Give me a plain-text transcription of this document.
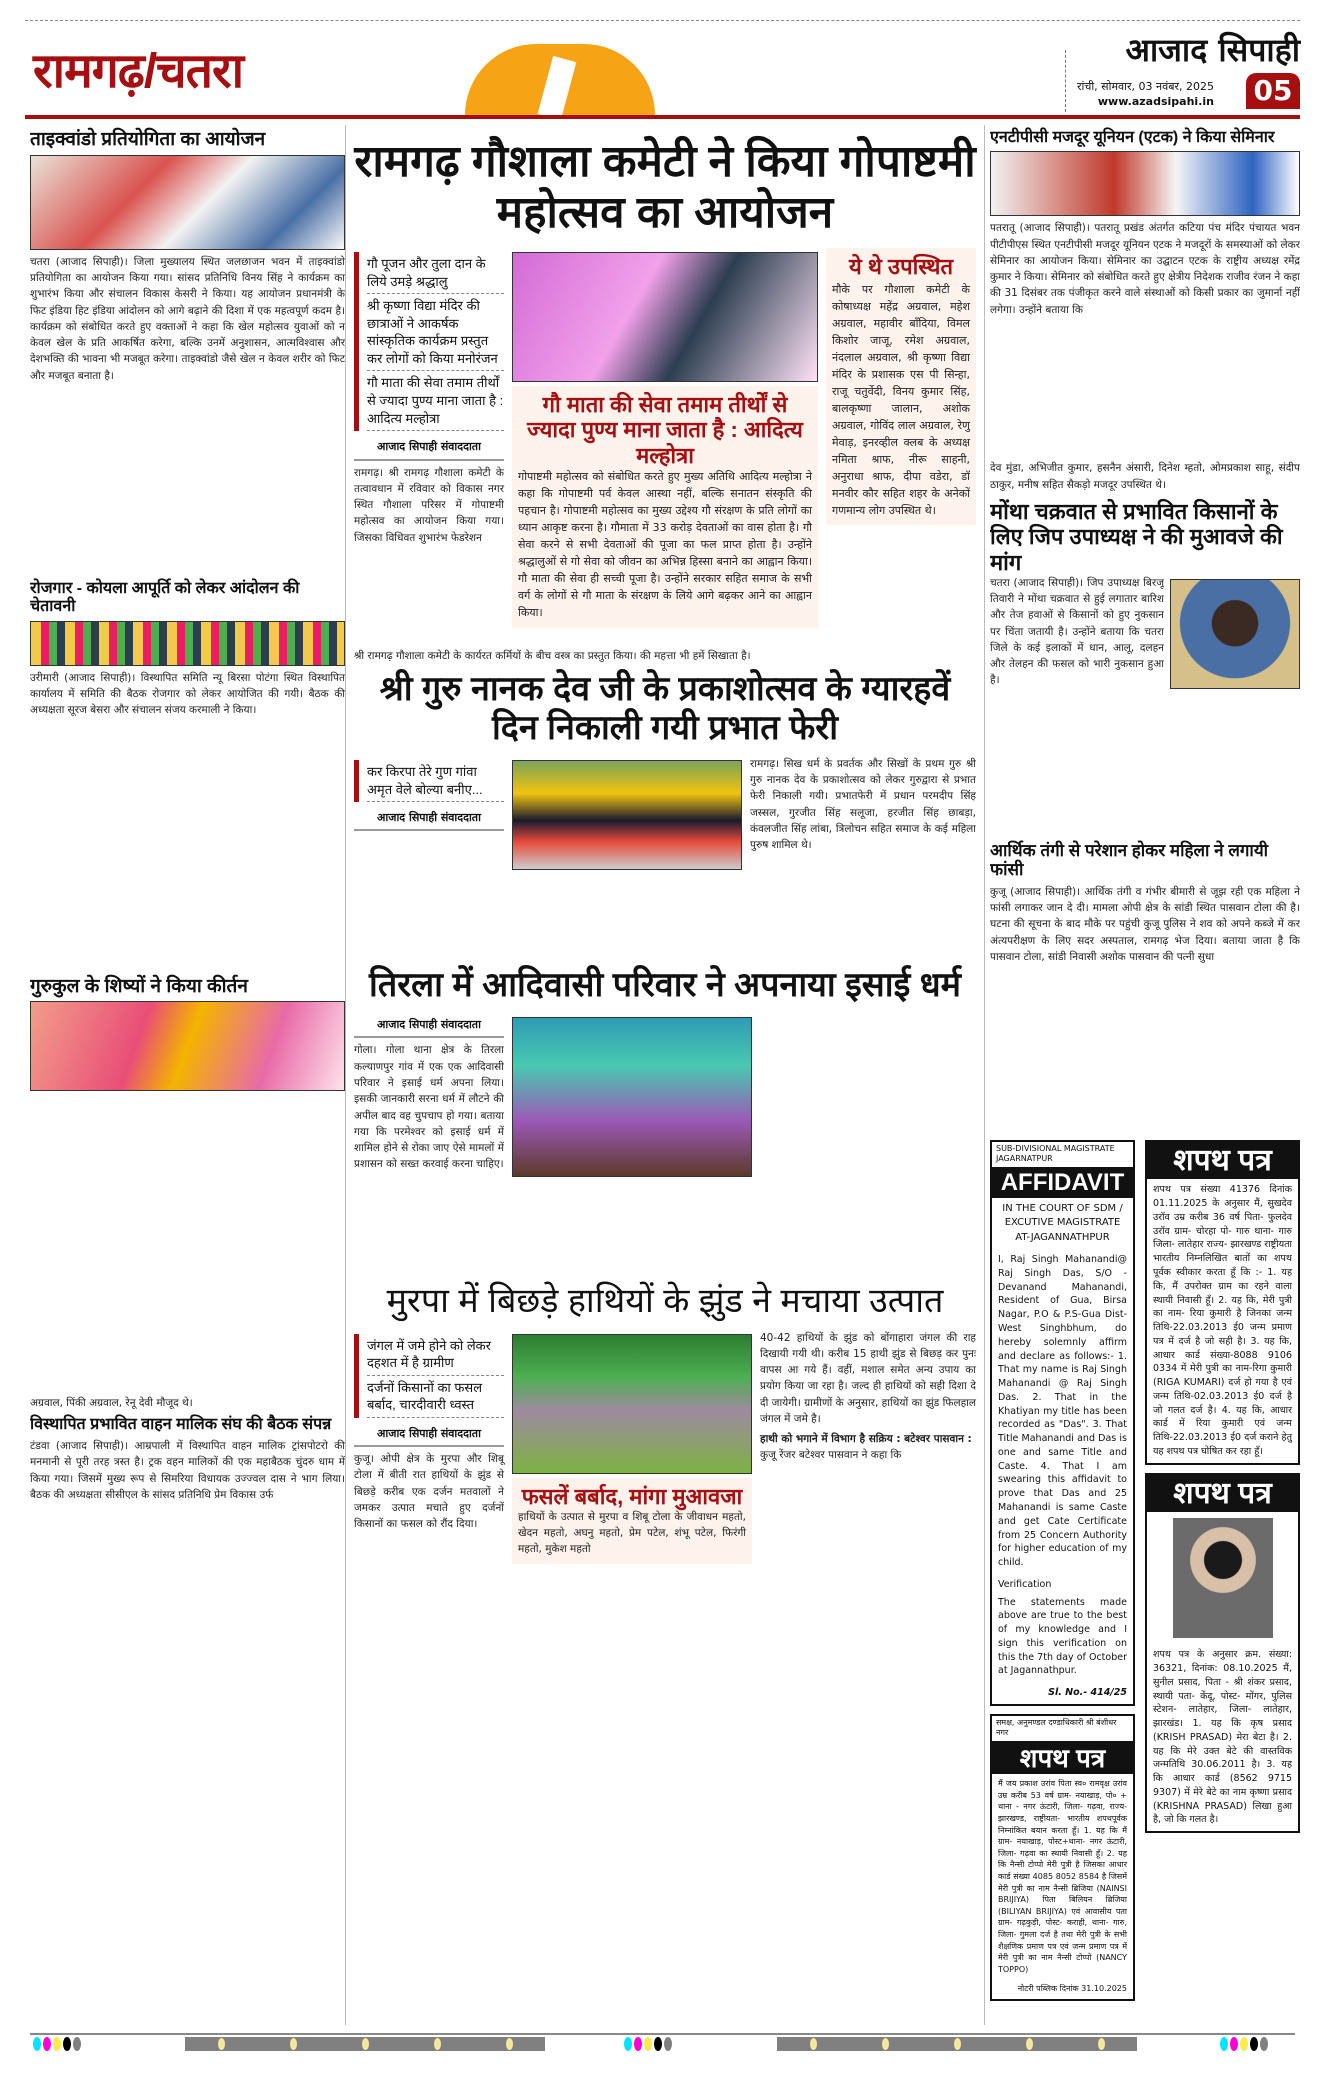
रामगढ़/चतरा	आजाद सिपाही
रांची, सोमवार, 03 नवंबर, 2025
www.azadsipahi.in 05
ताइक्वांडो प्रतियोगिता का आयोजन

चतरा (आजाद सिपाही)। जिला मुख्यालय स्थित जलछाजन भवन में ताइक्वांडो प्रतियोगिता का आयोजन किया गया। सांसद प्रतिनिधि विनय सिंह ने कार्यक्रम का शुभारंभ किया और संचालन विकास केसरी ने किया। यह आयोजन प्रधानमंत्री के फिट इंडिया हिट इंडिया आंदोलन को आगे बढ़ाने की दिशा में एक महत्वपूर्ण कदम है। कार्यक्रम को संबोधित करते हुए वक्ताओं ने कहा कि खेल महोत्सव युवाओं को न केवल खेल के प्रति आकर्षित करेगा, बल्कि उनमें अनुशासन, आत्मविश्वास और देशभक्ति की भावना भी मजबूत करेगा। ताइक्वांडो जैसे खेल न केवल शरीर को फिट और मजबूत बनाता है।

रोजगार - कोयला आपूर्ति को लेकर आंदोलन की चेतावनी

उरीमारी (आजाद सिपाही)। विस्थापित समिति न्यू बिरसा पोटंगा स्थित विस्थापित कार्यालय में समिति की बैठक रोजगार को लेकर आयोजित की गयी। बैठक की अध्यक्षता सूरज बेसरा और संचालन संजय करमाली ने किया।

गुरुकुल के शिष्यों ने किया कीर्तन

अग्रवाल, पिंकी अग्रवाल, रेनू देवी मौजूद थे।

विस्थापित प्रभावित वाहन मालिक संघ की बैठक संपन्न

टंडवा (आजाद सिपाही)। आम्रपाली में विस्थापित वाहन मालिक ट्रांसपोटरो की मनमानी से पूरी तरह त्रस्त है। ट्रक वहन मालिकों की एक महाबैठक चुंदरु धाम में किया गया। जिसमें मुख्य रूप से सिमरिया विधायक उज्ज्वल दास ने भाग लिया। बैठक की अध्यक्षता सीसीएल के सांसद प्रतिनिधि प्रेम विकास उर्फ

रामगढ़ गौशाला कमेटी ने किया गोपाष्टमी महोत्सव का आयोजन

गौ पूजन और तुला दान के लिये उमड़े श्रद्धालु

श्री कृष्णा विद्या मंदिर की छात्राओं ने आकर्षक सांस्कृतिक कार्यक्रम प्रस्तुत कर लोगों को किया मनोरंजन

गौ माता की सेवा तमाम तीर्थों से ज्यादा पुण्य माना जाता है : आदित्य मल्होत्रा

आजाद सिपाही संवाददाता

रामगढ़। श्री रामगढ़ गौशाला कमेटी के तत्वावधान में रविवार को विकास नगर स्थित गौशाला परिसर में गोपाष्टमी महोत्सव का आयोजन किया गया। जिसका विधिवत शुभारंभ फेडरेशन

गौ माता की सेवा तमाम तीर्थों से ज्यादा पुण्य माना जाता है : आदित्य मल्होत्रा

गोपाष्टमी महोत्सव को संबोधित करते हुए मुख्य अतिथि आदित्य मल्होत्रा ने कहा कि गोपाष्टमी पर्व केवल आस्था नहीं, बल्कि सनातन संस्कृति की पहचान है। गोपाष्टमी महोत्सव का मुख्य उद्देश्य गौ संरक्षण के प्रति लोगों का ध्यान आकृष्ट करना है। गौमाता में 33 करोड़ देवताओं का वास होता है। गौ सेवा करने से सभी देवताओं की पूजा का फल प्राप्त होता है। उन्होंने श्रद्धालुओं से गो सेवा को जीवन का अभिन्न हिस्सा बनाने का आह्वान किया। गौ माता की सेवा ही सच्ची पूजा है। उन्होंने सरकार सहित समाज के सभी वर्ग के लोगों से गौ माता के संरक्षण के लिये आगे बढ़कर आने का आह्वान किया।

ये थे उपस्थित

मौके पर गौशाला कमेटी के कोषाध्यक्ष महेंद्र अग्रवाल, महेश अग्रवाल, महावीर बाँदिया, विमल किशोर जाजू, रमेश अग्रवाल, नंदलाल अग्रवाल, श्री कृष्णा विद्या मंदिर के प्रशासक एस पी सिन्हा, राजू चतुर्वेदी, विनय कुमार सिंह, बालकृष्णा जालान, अशोक अग्रवाल, गोविंद लाल अग्रवाल, रेणु मेवाड़, इनरव्हील क्लब के अध्यक्ष नमिता श्राफ, नीरू साहनी, अनुराधा श्राफ, दीपा वडेरा, डॉ मनवीर कौर सहित शहर के अनेकों गणमान्य लोग उपस्थित थे।

श्री रामगढ़ गौशाला कमेटी के कार्यरत कर्मियों के बीच वस्त्र का प्रस्तुत किया। की महत्ता भी हमें सिखाता है।

श्री गुरु नानक देव जी के प्रकाशोत्सव के ग्यारहवें दिन निकाली गयी प्रभात फेरी

कर किरपा तेरे गुण गांवा अमृत वेले बोल्या बनीए...

आजाद सिपाही संवाददाता

रामगढ़। सिख धर्म के प्रवर्तक और सिखों के प्रथम गुरु श्री गुरु नानक देव के प्रकाशोत्सव को लेकर गुरुद्वारा से प्रभात फेरी निकाली गयी। प्रभातफेरी में प्रधान परमदीप सिंह जस्सल, गुरजीत सिंह सलूजा, हरजीत सिंह छाबड़ा, कंवलजीत सिंह लांबा, त्रिलोचन सहित समाज के कई महिला पुरुष शामिल थे।

तिरला में आदिवासी परिवार ने अपनाया इसाई धर्म
आजाद सिपाही संवाददाता

गोला। गोला थाना क्षेत्र के तिरला कल्याणपुर गांव में एक एक आदिवासी परिवार ने इसाई धर्म अपना लिया। इसकी जानकारी सरना धर्म में लौटने की अपील बाद वह चुपचाप हो गया। बताया गया कि परमेश्वर को इसाई धर्म में शामिल होने से रोका जाए ऐसे मामलों में प्रशासन को सख्त करवाई करना चाहिए।

मुरपा में बिछड़े हाथियों के झुंड ने मचाया उत्पात

जंगल में जमे होने को लेकर दहशत में है ग्रामीण

दर्जनों किसानों का फसल बर्बाद, चारदीवारी ध्वस्त

आजाद सिपाही संवाददाता

कुजू। ओपी क्षेत्र के मुरपा और शिबू टोला में बीती रात हाथियों के झुंड से बिछड़े करीब एक दर्जन मतवालों ने जमकर उत्पात मचाते हुए दर्जनों किसानों का फसल को रौंद दिया।

फसलें बर्बाद, मांगा मुआवजा

हाथियों के उत्पात से मुरपा व शिबू टोला के जीवाधन महतो, खेदन महतो, अघनु महतो, प्रेम पटेल, शंभू पटेल, फिरंगी महतो, मुकेश महतो

40-42 हाथियों के झुंड को बोंगाहारा जंगल की राह दिखायी गयी थी। करीब 15 हाथी झुंड से बिछड़ कर पुनः वापस आ गये हैं। वहीं, मशाल समेत अन्य उपाय का प्रयोग किया जा रहा है। जल्द ही हाथियों को सही दिशा दे दी जायेगी। ग्रामीणों के अनुसार, हाथियों का झुंड फिलहाल जंगल में जमे है।

हाथी को भगाने में विभाग है सक्रिय : बटेश्वर पासवान :

कुजू रेंजर बटेश्वर पासवान ने कहा कि

एनटीपीसी मजदूर यूनियन (एटक) ने किया सेमिनार

पतरातू (आजाद सिपाही)। पतरातू प्रखंड अंतर्गत कटिया पंच मंदिर पंचायत भवन पीटीपीएस स्थित एनटीपीसी मजदूर यूनियन एटक ने मजदूरों के समस्याओं को लेकर सेमिनार का आयोजन किया। सेमिनार का उद्घाटन एटक के राष्ट्रीय अध्यक्ष रमेंद्र कुमार ने किया। सेमिनार को संबोधित करते हुए क्षेत्रीय निदेशक राजीव रंजन ने कहा की 31 दिसंबर तक पंजीकृत करने वाले संस्थाओं को किसी प्रकार का जुमार्ना नहीं लगेगा। उन्होंने बताया कि

देव मुंडा, अभिजीत कुमार, हसनैन अंसारी, दिनेश म्हतो, ओमप्रकाश साहू, संदीप ठाकुर, मनीष सहित सैकड़ो मजदूर उपस्थित थे।

मोंथा चक्रवात से प्रभावित किसानों के लिए जिप उपाध्यक्ष ने की मुआवजे की मांग

चतरा (आजाद सिपाही)। जिप उपाध्यक्ष बिरजू तिवारी ने मोंथा चक्रवात से हुई लगातार बारिश और तेज हवाओं से किसानों को हुए नुकसान पर चिंता जतायी है। उन्होंने बताया कि चतरा जिले के कई इलाकों में धान, आलू, दलहन और तेलहन की फसल को भारी नुकसान हुआ है।

आर्थिक तंगी से परेशान होकर महिला ने लगायी फांसी

कुजू (आजाद सिपाही)। आर्थिक तंगी व गंभीर बीमारी से जूझ रही एक महिला ने फांसी लगाकर जान दे दी। मामला ओपी क्षेत्र के सांडी स्थित पासवान टोला की है। घटना की सूचना के बाद मौके पर पहुंची कुजू पुलिस ने शव को अपने कब्जे में कर अंत्यपरीक्षण के लिए सदर अस्पताल, रामगढ़ भेज दिया। बताया जाता है कि पासवान टोला, सांडी निवासी अशोक पासवान की पत्नी सुधा

SUB-DIVISIONAL MAGISTRATE JAGARNATPUR
AFFIDAVIT
IN THE COURT OF SDM / EXCUTIVE MAGISTRATE AT-JAGANNATHPUR
I, Raj Singh Mahanandi@ Raj Singh Das, S/O - Devanand Mahanandi, Resident of Gua, Birsa Nagar, P.O & P.S-Gua Dist-West Singhbhum, do hereby solemnly affirm and declare as follows:- 1. That my name is Raj Singh Mahanandi @ Raj Singh Das. 2. That in the Khatiyan my title has been recorded as "Das". 3. That Title Mahanandi and Das is one and same Title and Caste. 4. That I am swearing this affidavit to prove that Das and 25 Mahanandi is same Caste and get Cate Certificate from 25 Concern Authority for higher education of my child.
Verification
The statements made above are true to the best of my knowledge and I sign this verification on this the 7th day of October at Jagannathpur.
Sl. No.- 414/25
समक्ष, अनुमण्डल दण्डाधिकारी श्री बंशीधर नगर
शपथ पत्र
मैं जय प्रकाश उरांव पिता स्व० रामवृक्ष उरांव उम्र करीब 53 वर्ष ग्राम- नयाखाड़, पो० + थाना - नगर ऊंटारी, जिला- गढ़वा, राज्य- झारखण्ड, राष्ट्रीयता- भारतीय शपथपूर्वक निम्नांकित बयान करता हूँ। 1. यह कि मैं ग्राम- नयाखाड़, पोस्ट+थाना- नगर ऊंटारी, जिला- गढ़वा का स्थायी निवासी हूँ। 2. यह कि नैन्सी टोप्पो मेरी पुत्री है जिसका आधार कार्ड संख्या 4085 8052 8584 है जिसमें मेरी पुत्री का नाम नैन्सी ब्रिजिया (NAINSI BRIJIYA) पिता बिलियन ब्रिजिया (BILIYAN BRIJIYA) एवं आवासीय पता ग्राम- गढ़कुड़ी, पोस्ट- कराही, थाना- गारु, जिला- गुमला दर्ज है तथा मेरी पुत्री के सभी शैक्षणिक प्रमाण पत्र एवं जन्म प्रमाण पत्र में मेरी पुत्री का नाम नैन्सी टोप्पो (NANCY TOPPO)
नोटरी पब्लिक दिनांक 31.10.2025
शपथ पत्र
शपथ पत्र संख्या 41376 दिनांक 01.11.2025 के अनुसार मैं, सुखदेव उरॉव उम्र करीब 36 वर्ष पिता- फुलदेव उरॉव ग्राम- चोरहा पो- गारु थाना- गारु जिला- लातेहार राज्य- झारखण्ड राष्ट्रीयता भारतीय निम्नलिखित बातों का शपथ पूर्वक स्वीकार करता हूँ कि :- 1. यह कि, मैं उपरोक्त ग्राम का रहने वाला स्थायी निवासी हूँ। 2. यह कि, मेरी पुत्री का नाम- रिया कुमारी है जिनका जन्म तिथि-22.03.2013 ई0 जन्म प्रमाण पत्र में दर्ज है जो सही है। 3. यह कि, आधार कार्ड संख्या-8088 9106 0334 में मेरी पुत्री का नाम-रिगा कुमारी (RIGA KUMARI) दर्ज हो गया है एवं जन्म तिथि-02.03.2013 ई0 दर्ज है जो गलत दर्ज है। 4. यह कि, आधार कार्ड में रिया कुमारी एवं जन्म तिथि-22.03.2013 ई0 दर्ज कराने हेतु यह शपथ पत्र घोषित कर रहा हूँ।
शपथ पत्र
शपथ पत्र के अनुसार क्रम. संख्या: 36321, दिनांक: 08.10.2025 मैं, सुनील प्रसाद, पिता - श्री शंकर प्रसाद, स्थायी पता- केंदू, पोस्ट- मोंगर, पुलिस स्टेशन- लातेहार, जिला- लातेहार, झारखंड। 1. यह कि कृष प्रसाद (KRISH PRASAD) मेरा बेटा है। 2. यह कि मेरे उक्त बेटे की वास्तविक जन्मतिथि 30.06.2011 है। 3. यह कि आधार कार्ड (8562 9715 9307) में मेरे बेटे का नाम कृष्णा प्रसाद (KRISHNA PRASAD) लिखा हुआ है, जो कि गलत है।
